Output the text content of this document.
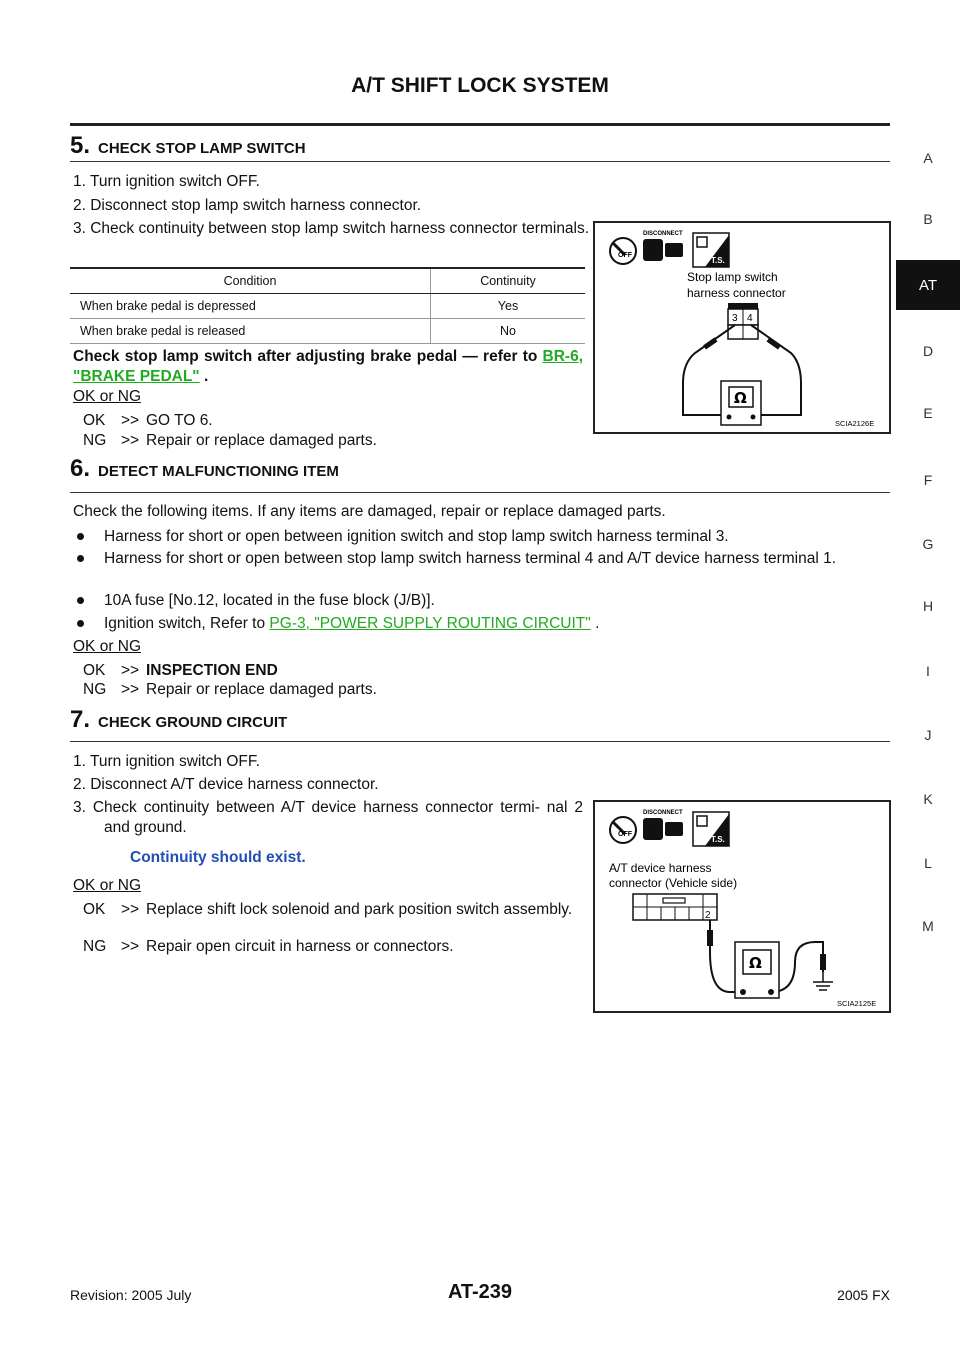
A/T SHIFT LOCK SYSTEM
A
B
AT
D
E
F
G
H
I
J
K
L
M
5. CHECK STOP LAMP SWITCH
1. Turn ignition switch OFF.
2. Disconnect stop lamp switch harness connector.
3. Check continuity between stop lamp switch harness connector terminals.
Condition	Continuity
When brake pedal is depressed	Yes
When brake pedal is released	No
Check stop lamp switch after adjusting brake pedal — refer to BR-6, "BRAKE PEDAL" .
OK or NG
OK >> GO TO 6.
NG >> Repair or replace damaged parts.
OFF
DISCONNECT
T.S.
Stop lamp switch
harness connector
3 4
Ω
SCIA2126E
6. DETECT MALFUNCTIONING ITEM
Check the following items. If any items are damaged, repair or replace damaged parts.
Harness for short or open between ignition switch and stop lamp switch harness terminal 3.
Harness for short or open between stop lamp switch harness terminal 4 and A/T device harness terminal 1.
10A fuse [No.12, located in the fuse block (J/B)].
Ignition switch, Refer to PG-3, "POWER SUPPLY ROUTING CIRCUIT" .
OK or NG
OK >> INSPECTION END
NG >> Repair or replace damaged parts.
7. CHECK GROUND CIRCUIT
1. Turn ignition switch OFF.
2. Disconnect A/T device harness connector.
3. Check continuity between A/T device harness connector termi- nal 2 and ground.
Continuity should exist.
OK or NG
OK	>> Replace shift lock solenoid and park position switch assembly.
NG >> Repair open circuit in harness or connectors.
OFF
DISCONNECT
T.S.
A/T device harness
connector (Vehicle side)
2
Ω
SCIA2125E
Revision: 2005 July	AT-239	2005 FX
